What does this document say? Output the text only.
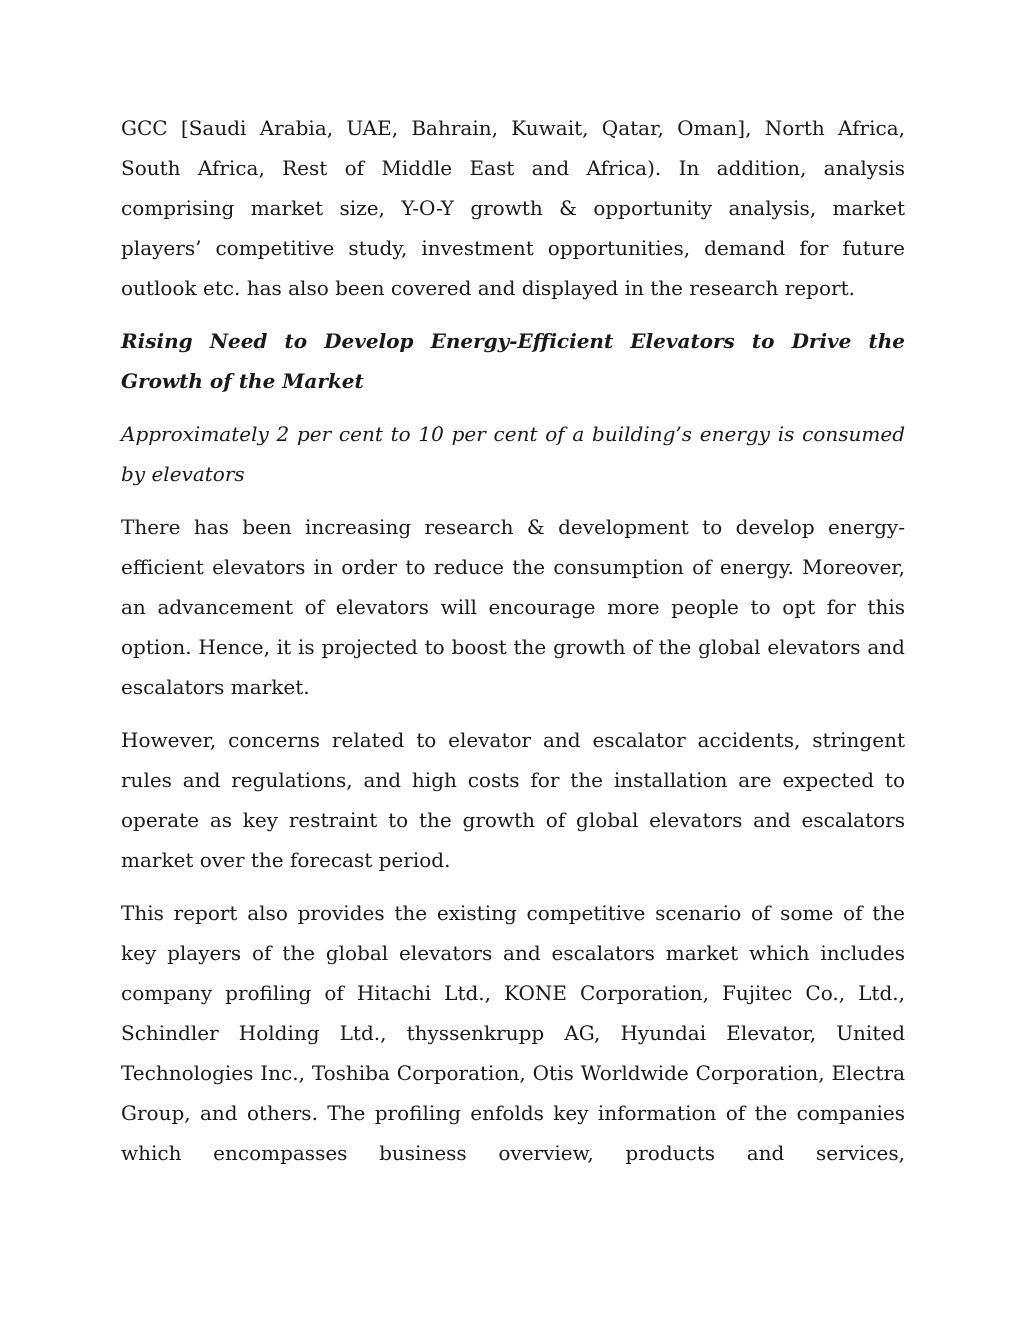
GCC [Saudi Arabia, UAE, Bahrain, Kuwait, Qatar, Oman], North Africa, South Africa, Rest of Middle East and Africa). In addition, analysis comprising market size, Y-O-Y growth & opportunity analysis, market players’ competitive study, investment opportunities, demand for future outlook etc. has also been covered and displayed in the research report.

Rising Need to Develop Energy-Efficient Elevators to Drive the Growth of the Market

Approximately 2 per cent to 10 per cent of a building’s energy is consumed by elevators

There has been increasing research & development to develop energy-efficient elevators in order to reduce the consumption of energy. Moreover, an advancement of elevators will encourage more people to opt for this option. Hence, it is projected to boost the growth of the global elevators and escalators market.

However, concerns related to elevator and escalator accidents, stringent rules and regulations, and high costs for the installation are expected to operate as key restraint to the growth of global elevators and escalators market over the forecast period.

This report also provides the existing competitive scenario of some of the key players of the global elevators and escalators market which includes company profiling of Hitachi Ltd., KONE Corporation, Fujitec Co., Ltd., Schindler Holding Ltd., thyssenkrupp AG, Hyundai Elevator, United Technologies Inc., Toshiba Corporation, Otis Worldwide Corporation, Electra Group, and others. The profiling enfolds key information of the companies which encompasses business overview, products and services,
